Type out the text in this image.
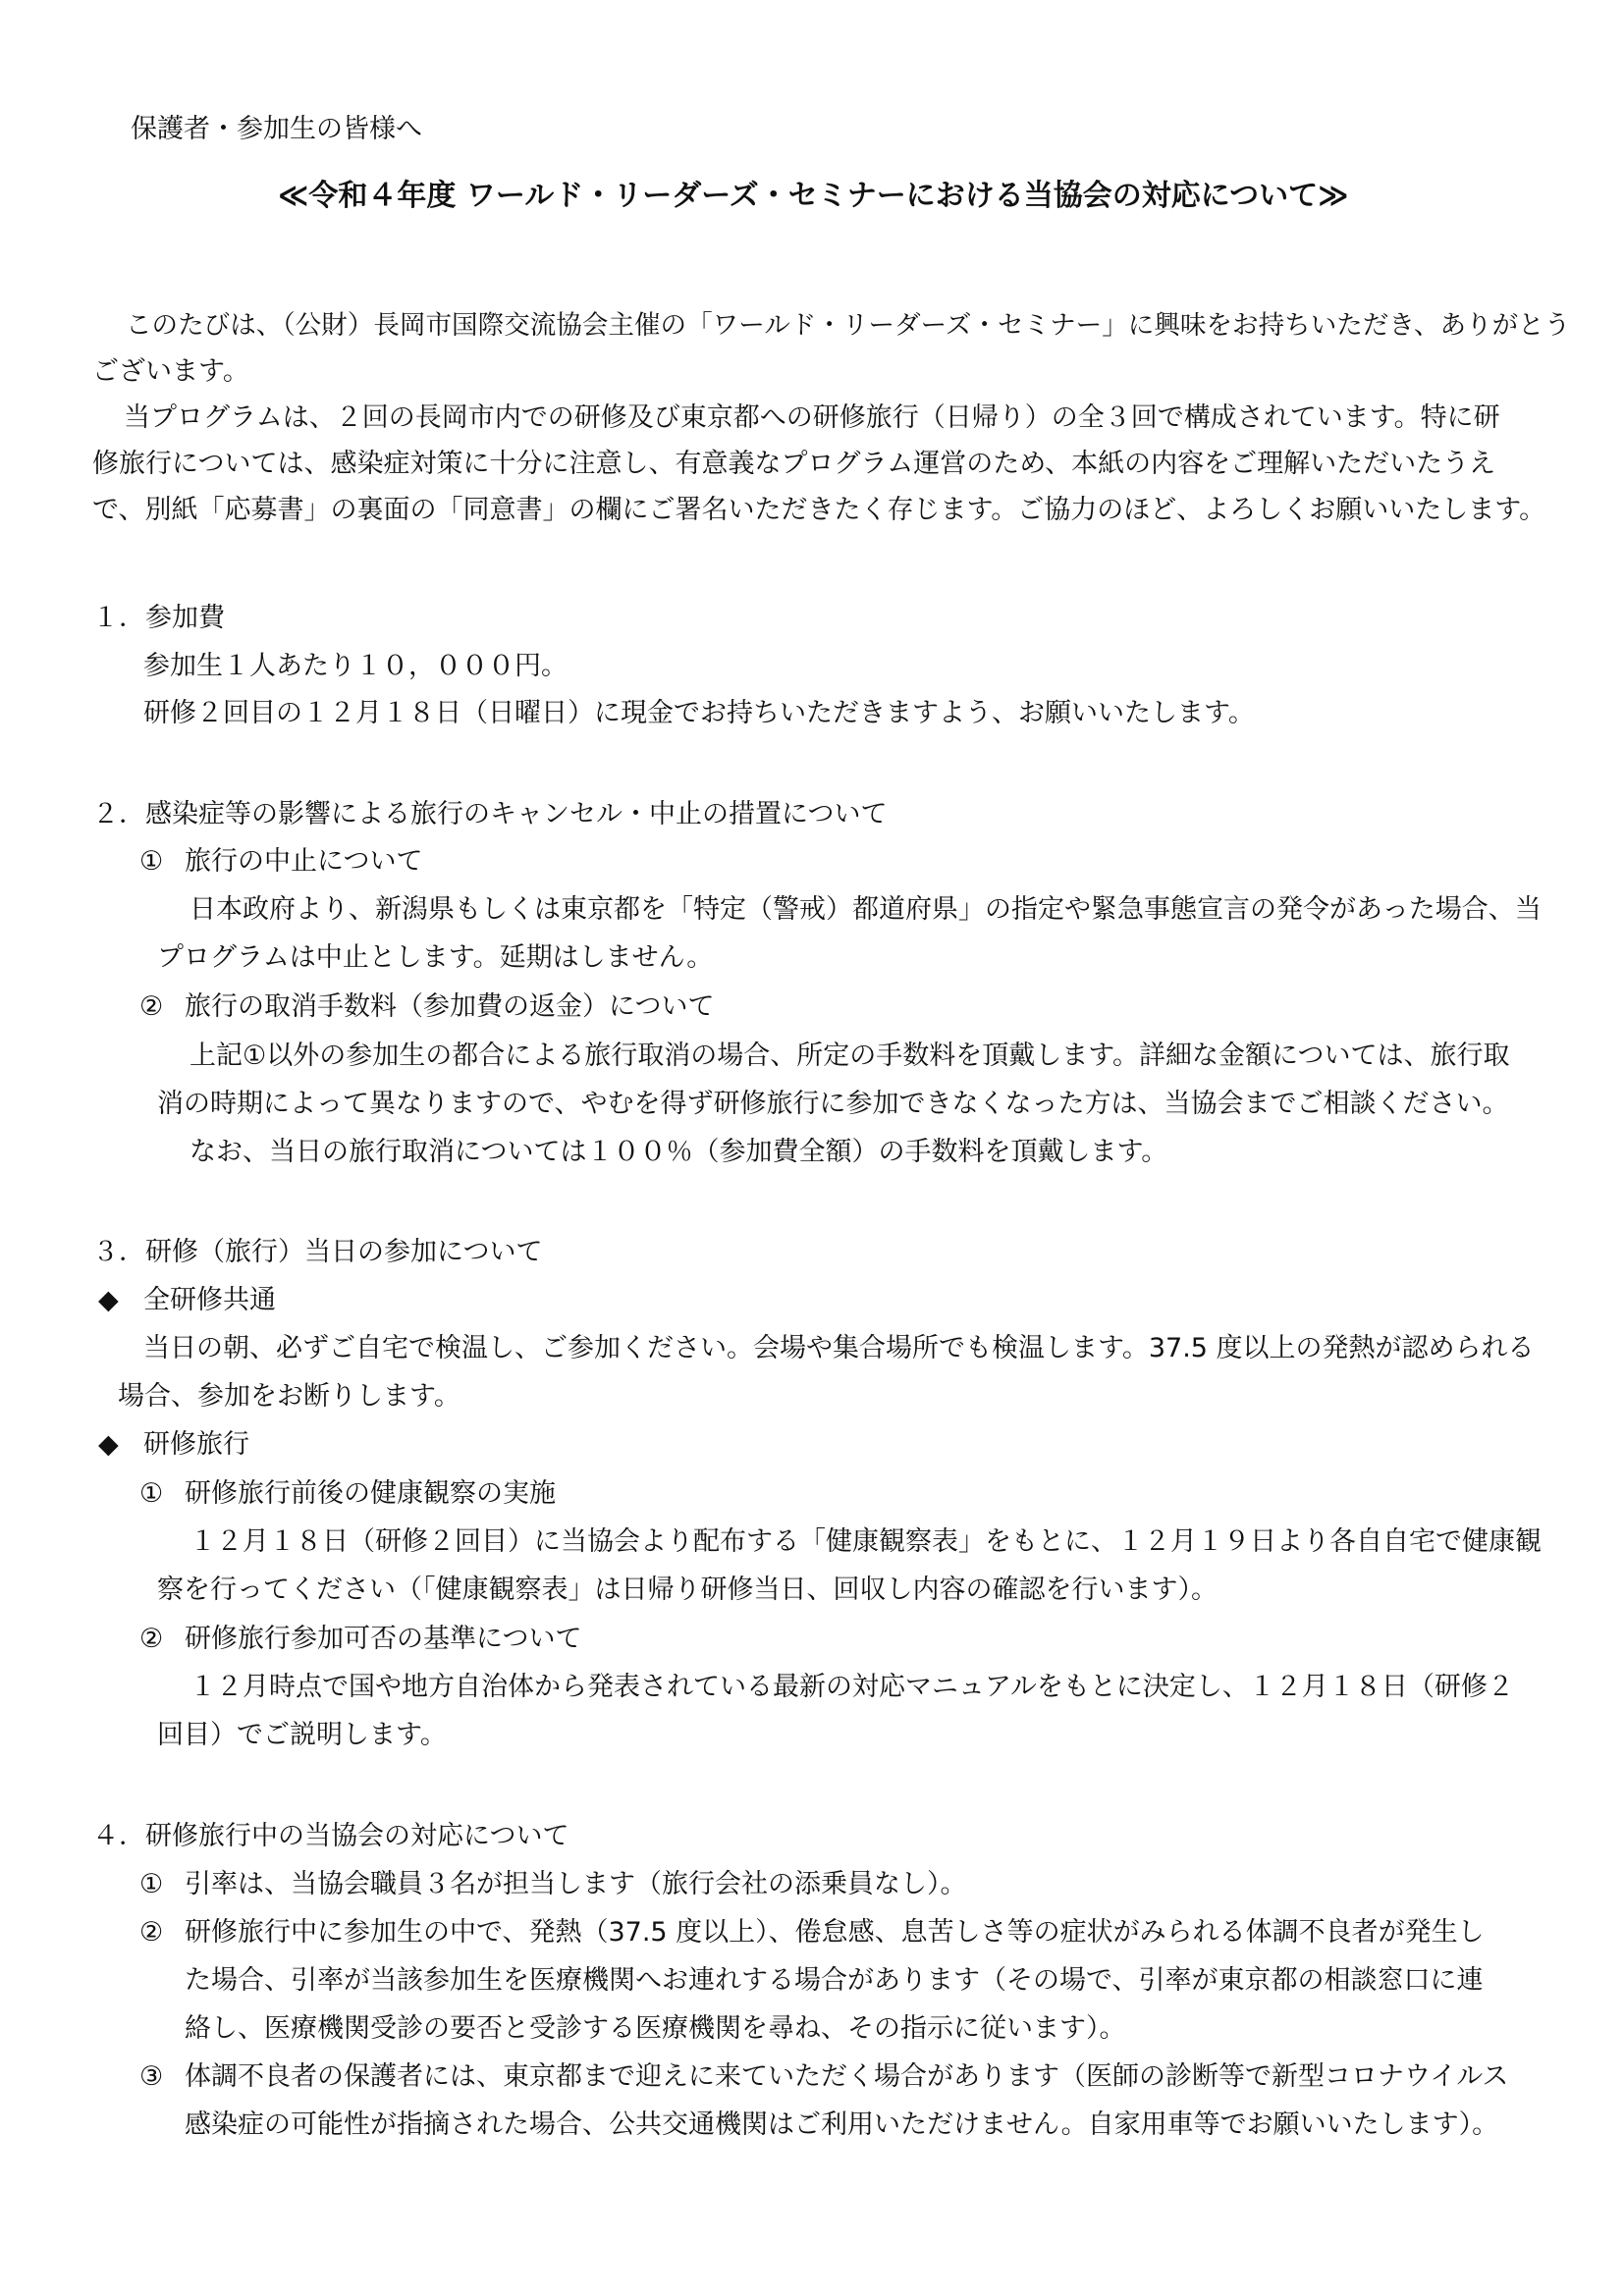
保護者・参加生の皆様へ
≪令和４年度 ワールド・リーダーズ・セミナーにおける当協会の対応について≫
このたびは、（公財）長岡市国際交流協会主催の「ワールド・リーダーズ・セミナー」に興味をお持ちいただき、ありがとう
ございます。
当プログラムは、２回の長岡市内での研修及び東京都への研修旅行（日帰り）の全３回で構成されています。特に研
修旅行については、感染症対策に十分に注意し、有意義なプログラム運営のため、本紙の内容をご理解いただいたうえ
で、別紙「応募書」の裏面の「同意書」の欄にご署名いただきたく存じます。ご協力のほど、よろしくお願いいたします。
１．参加費
参加生１人あたり１０，０００円。
研修２回目の１２月１８日（日曜日）に現金でお持ちいただきますよう、お願いいたします。
２．感染症等の影響による旅行のキャンセル・中止の措置について
① 旅行の中止について
日本政府より、新潟県もしくは東京都を「特定（警戒）都道府県」の指定や緊急事態宣言の発令があった場合、当
プログラムは中止とします。延期はしません。
② 旅行の取消手数料（参加費の返金）について
上記①以外の参加生の都合による旅行取消の場合、所定の手数料を頂戴します。詳細な金額については、旅行取
消の時期によって異なりますので、やむを得ず研修旅行に参加できなくなった方は、当協会までご相談ください。
なお、当日の旅行取消については１００％（参加費全額）の手数料を頂戴します。
３．研修（旅行）当日の参加について
◆ 全研修共通
当日の朝、必ずご自宅で検温し、ご参加ください。会場や集合場所でも検温します。37.5 度以上の発熱が認められる
場合、参加をお断りします。
◆ 研修旅行
① 研修旅行前後の健康観察の実施
１２月１８日（研修２回目）に当協会より配布する「健康観察表」をもとに、１２月１９日より各自自宅で健康観
察を行ってください（「健康観察表」は日帰り研修当日、回収し内容の確認を行います）。
② 研修旅行参加可否の基準について
１２月時点で国や地方自治体から発表されている最新の対応マニュアルをもとに決定し、１２月１８日（研修２
回目）でご説明します。
４．研修旅行中の当協会の対応について
① 引率は、当協会職員３名が担当します（旅行会社の添乗員なし）。
② 研修旅行中に参加生の中で、発熱（37.5 度以上）、倦怠感、息苦しさ等の症状がみられる体調不良者が発生し
た場合、引率が当該参加生を医療機関へお連れする場合があります（その場で、引率が東京都の相談窓口に連
絡し、医療機関受診の要否と受診する医療機関を尋ね、その指示に従います）。
③ 体調不良者の保護者には、東京都まで迎えに来ていただく場合があります（医師の診断等で新型コロナウイルス
感染症の可能性が指摘された場合、公共交通機関はご利用いただけません。自家用車等でお願いいたします）。
